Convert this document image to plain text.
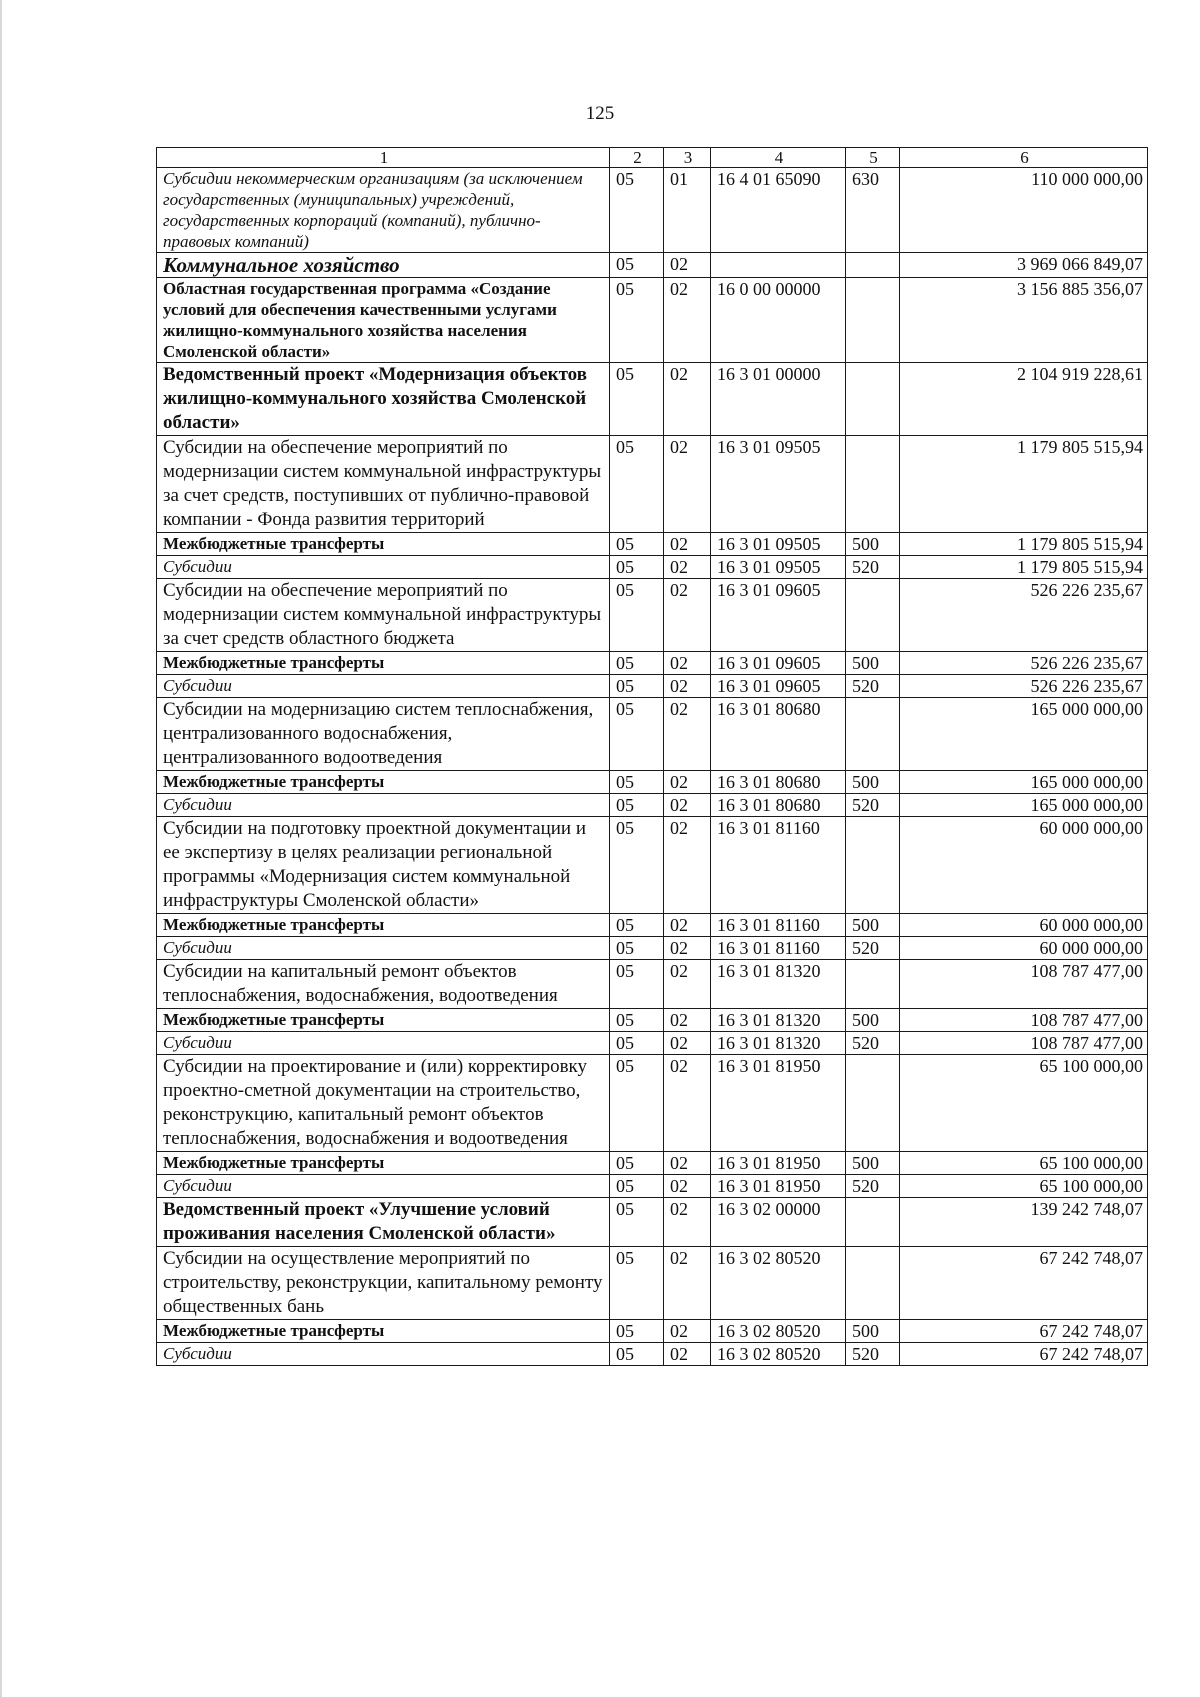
125
1	2	3	4	5	6
Субсидии некоммерческим организациям (за исключением государственных (муниципальных) учреждений, государственных корпораций (компаний), публично-правовых компаний)	05	01	16 4 01 65090	630	110 000 000,00
Коммунальное хозяйство	05	02			3 969 066 849,07
Областная государственная программа «Создание условий для обеспечения качественными услугами жилищно-коммунального хозяйства населения Смоленской области»	05	02	16 0 00 00000		3 156 885 356,07
Ведомственный проект «Модернизация объектов жилищно-коммунального хозяйства Смоленской области»	05	02	16 3 01 00000		2 104 919 228,61
Субсидии на обеспечение мероприятий по модернизации систем коммунальной инфраструктуры за счет средств, поступивших от публично-правовой компании - Фонда развития территорий	05	02	16 3 01 09505		1 179 805 515,94
Межбюджетные трансферты	05	02	16 3 01 09505	500	1 179 805 515,94
Субсидии	05	02	16 3 01 09505	520	1 179 805 515,94
Субсидии на обеспечение мероприятий по модернизации систем коммунальной инфраструктуры за счет средств областного бюджета	05	02	16 3 01 09605		526 226 235,67
Межбюджетные трансферты	05	02	16 3 01 09605	500	526 226 235,67
Субсидии	05	02	16 3 01 09605	520	526 226 235,67
Субсидии на модернизацию систем теплоснабжения, централизованного водоснабжения, централизованного водоотведения	05	02	16 3 01 80680		165 000 000,00
Межбюджетные трансферты	05	02	16 3 01 80680	500	165 000 000,00
Субсидии	05	02	16 3 01 80680	520	165 000 000,00
Субсидии на подготовку проектной документации и ее экспертизу в целях реализации региональной программы «Модернизация систем коммунальной инфраструктуры Смоленской области»	05	02	16 3 01 81160		60 000 000,00
Межбюджетные трансферты	05	02	16 3 01 81160	500	60 000 000,00
Субсидии	05	02	16 3 01 81160	520	60 000 000,00
Субсидии на капитальный ремонт объектов теплоснабжения, водоснабжения, водоотведения	05	02	16 3 01 81320		108 787 477,00
Межбюджетные трансферты	05	02	16 3 01 81320	500	108 787 477,00
Субсидии	05	02	16 3 01 81320	520	108 787 477,00
Субсидии на проектирование и (или) корректировку проектно-сметной документации на строительство, реконструкцию, капитальный ремонт объектов теплоснабжения, водоснабжения и водоотведения	05	02	16 3 01 81950		65 100 000,00
Межбюджетные трансферты	05	02	16 3 01 81950	500	65 100 000,00
Субсидии	05	02	16 3 01 81950	520	65 100 000,00
Ведомственный проект «Улучшение условий проживания населения Смоленской области»	05	02	16 3 02 00000		139 242 748,07
Субсидии на осуществление мероприятий по строительству, реконструкции, капитальному ремонту общественных бань	05	02	16 3 02 80520		67 242 748,07
Межбюджетные трансферты	05	02	16 3 02 80520	500	67 242 748,07
Субсидии	05	02	16 3 02 80520	520	67 242 748,07
